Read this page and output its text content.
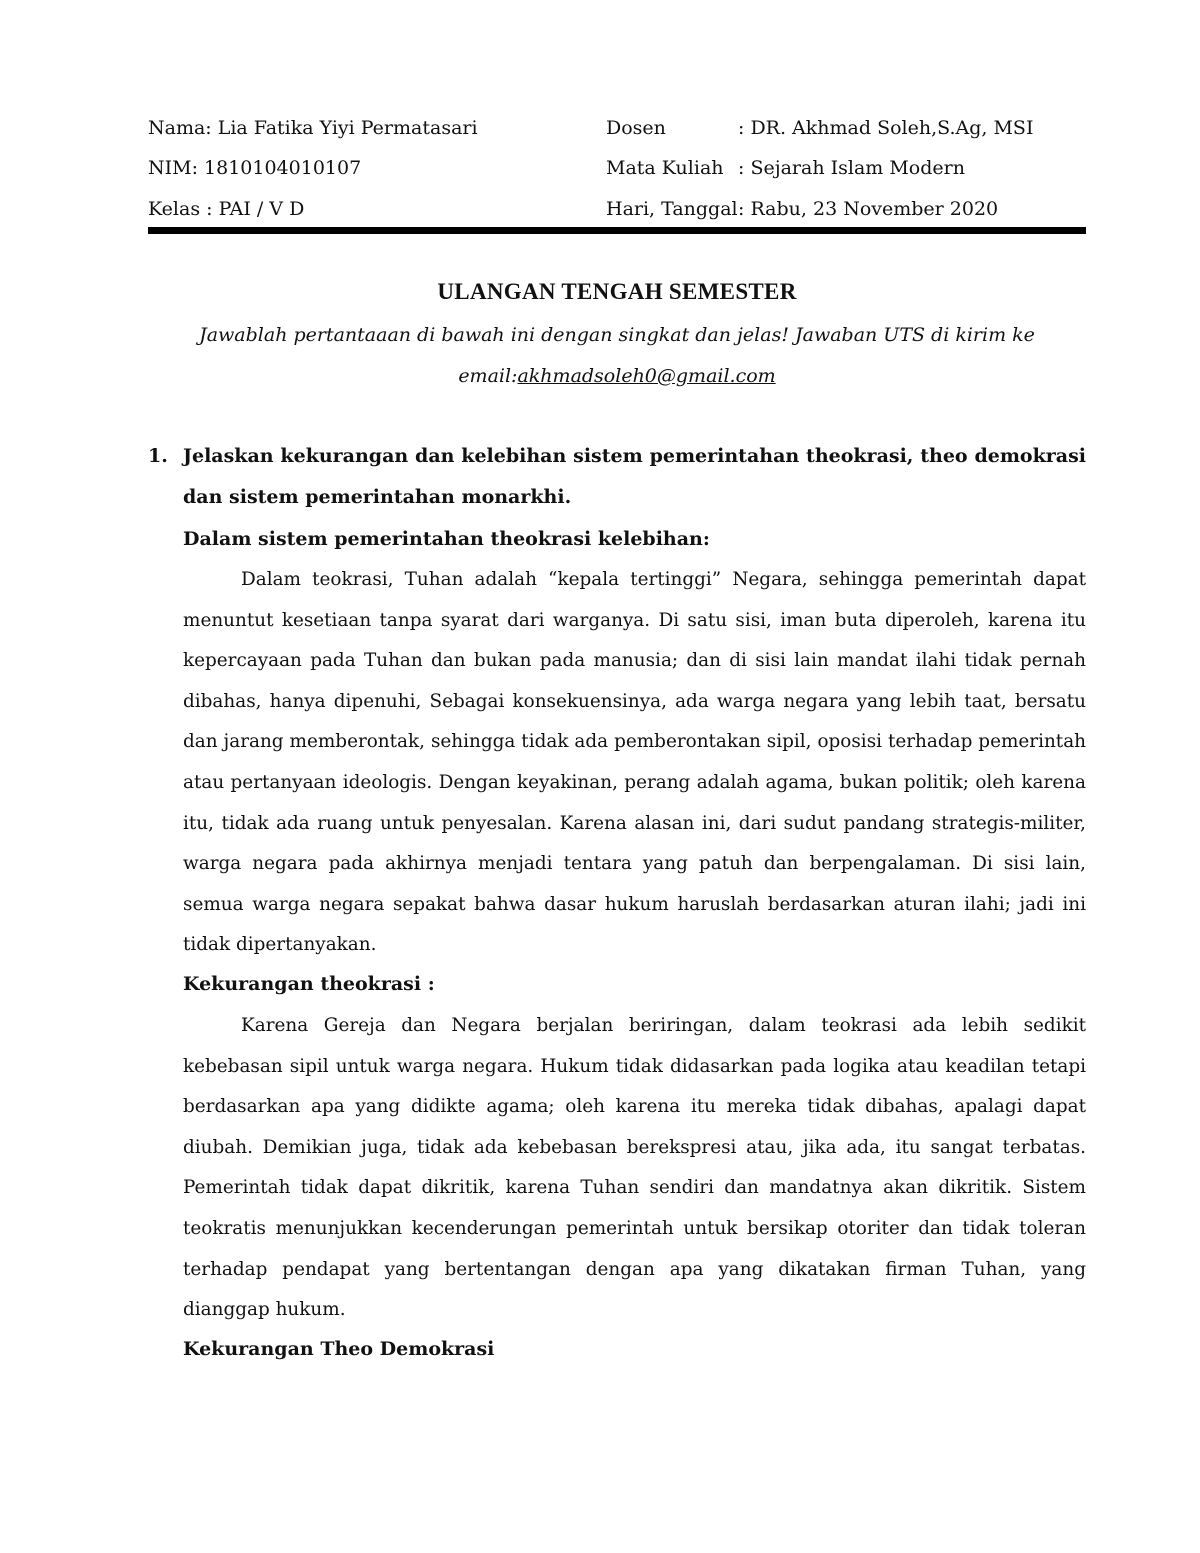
Nama: Lia Fatika Yiyi Permatasari	Dosen	: DR. Akhmad Soleh,S.Ag, MSI
NIM: 1810104010107	Mata Kuliah : Sejarah Islam Modern
Kelas : PAI / V D	Hari, Tanggal : Rabu, 23 November 2020
ULANGAN TENGAH SEMESTER
Jawablah pertantaaan di bawah ini dengan singkat dan jelas! Jawaban UTS di kirim ke
email:akhmadsoleh0@gmail.com
1. Jelaskan kekurangan dan kelebihan sistem pemerintahan theokrasi, theo demokrasi dan sistem pemerintahan monarkhi.
Dalam sistem pemerintahan theokrasi kelebihan:

Dalam teokrasi, Tuhan adalah “kepala tertinggi” Negara, sehingga pemerintah dapat menuntut kesetiaan tanpa syarat dari warganya. Di satu sisi, iman buta diperoleh, karena itu kepercayaan pada Tuhan dan bukan pada manusia; dan di sisi lain mandat ilahi tidak pernah dibahas, hanya dipenuhi, Sebagai konsekuensinya, ada warga negara yang lebih taat, bersatu dan jarang memberontak, sehingga tidak ada pemberontakan sipil, oposisi terhadap pemerintah atau pertanyaan ideologis. Dengan keyakinan, perang adalah agama, bukan politik; oleh karena itu, tidak ada ruang untuk penyesalan. Karena alasan ini, dari sudut pandang strategis-militer, warga negara pada akhirnya menjadi tentara yang patuh dan berpengalaman. Di sisi lain, semua warga negara sepakat bahwa dasar hukum haruslah berdasarkan aturan ilahi; jadi ini tidak dipertanyakan.

Kekurangan theokrasi :

Karena Gereja dan Negara berjalan beriringan, dalam teokrasi ada lebih sedikit kebebasan sipil untuk warga negara. Hukum tidak didasarkan pada logika atau keadilan tetapi berdasarkan apa yang didikte agama; oleh karena itu mereka tidak dibahas, apalagi dapat diubah. Demikian juga, tidak ada kebebasan berekspresi atau, jika ada, itu sangat terbatas. Pemerintah tidak dapat dikritik, karena Tuhan sendiri dan mandatnya akan dikritik. Sistem teokratis menunjukkan kecenderungan pemerintah untuk bersikap otoriter dan tidak toleran terhadap pendapat yang bertentangan dengan apa yang dikatakan firman Tuhan, yang dianggap hukum.

Kekurangan Theo Demokrasi
